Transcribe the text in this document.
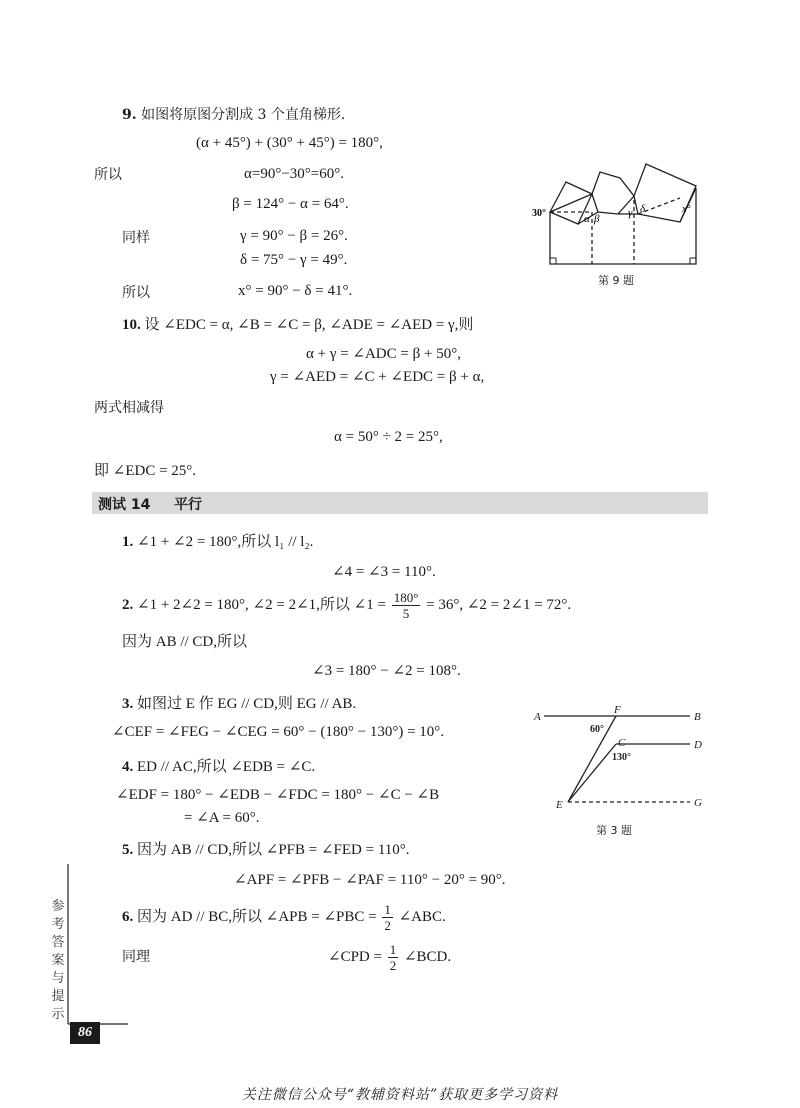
9. 如图将原图分割成 3 个直角梯形.
(α + 45°) + (30° + 45°) = 180°,
所以	α=90°−30°=60°.
β = 124° − α = 64°.
同样	γ = 90° − β = 26°.
δ = 75° − γ = 49°.
所以	x° = 90° − δ = 41°.
30°	α β	γ δ	x°
第 9 题
10. 设 ∠EDC = α, ∠B = ∠C = β, ∠ADE = ∠AED = γ,则
α + γ = ∠ADC = β + 50°,
γ = ∠AED = ∠C + ∠EDC = β + α,
两式相减得
α = 50° ÷ 2 = 25°,
即 ∠EDC = 25°.
测试 14 平行
1. ∠1 + ∠2 = 180°,所以 l₁ // l₂.
∠4 = ∠3 = 110°.
2. ∠1 + 2∠2 = 180°, ∠2 = 2∠1,所以 ∠1 = $\frac{180^\circ}{5} = 36^\circ$, ∠2 = 2∠1 = 72°.
因为 AB // CD,所以
∠3 = 180° − ∠2 = 108°.
3. 如图过 E 作 EG // CD,则 EG // AB.
∠CEF = ∠FEG − ∠CEG = 60° − (180° − 130°) = 10°.
A	B
F
C	D
E	G
60°
130°
第 3 题
4. ED // AC,所以 ∠EDB = ∠C.
∠EDF = 180° − ∠EDB − ∠FDC = 180° − ∠C − ∠B
= ∠A = 60°.
5. 因为 AB // CD,所以 ∠PFB = ∠FED = 110°.
∠APF = ∠PFB − ∠PAF = 110° − 20° = 90°.
6. 因为 AD // BC,所以 ∠APB = ∠PBC = $\frac{1}{2}$ ∠ABC.
同理	∠CPD = $\frac{1}{2}$ ∠BCD.
参考答案与提示
86
关注微信公众号“教辅资料站”获取更多学习资料
